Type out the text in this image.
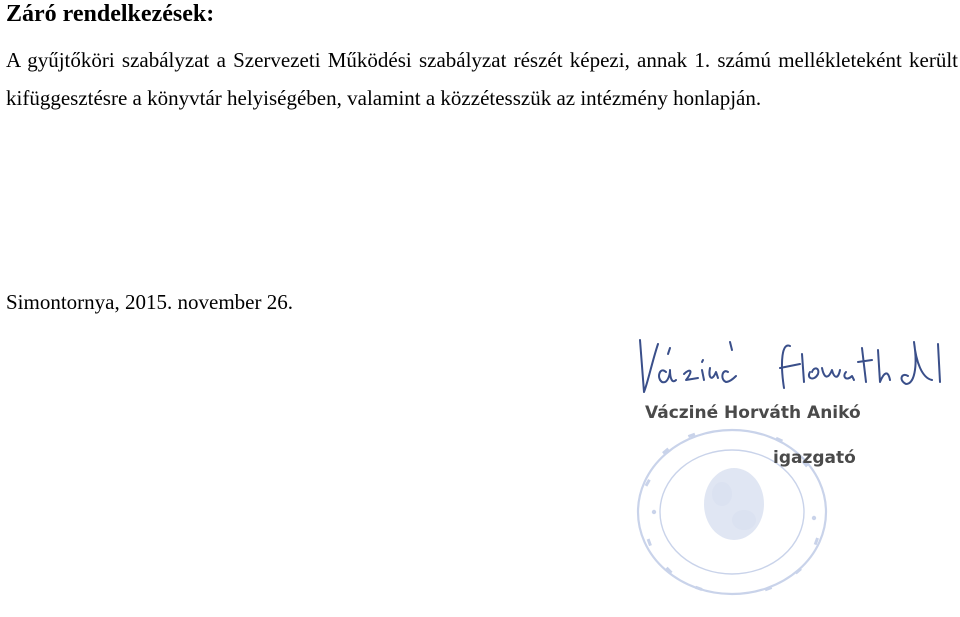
Záró rendelkezések:

A gyűjtőköri szabályzat a Szervezeti Működési szabályzat részét képezi, annak 1. számú mellékleteként került kifüggesztésre a könyvtár helyiségében, valamint a közzétesszük az intézmény honlapján.

Simontornya, 2015. november 26.

Vácziné Horváth Anikó

igazgató
